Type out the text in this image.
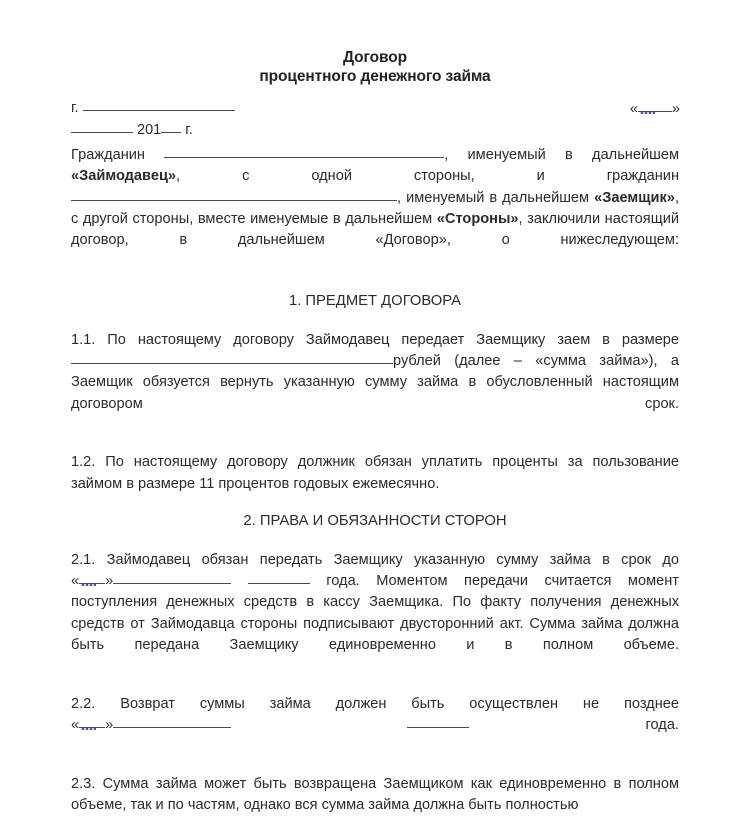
Договор
процентного денежного займа
г.
201 г.
« »

Гражданин	, именуемый в дальнейшем «Займодавец», с одной стороны, и гражданин , именуемый в дальнейшем «Заемщик», с другой стороны, вместе именуемые в дальнейшем «Стороны», заключили настоящий договор, в дальнейшем «Договор», о нижеследующем:

1. ПРЕДМЕТ ДОГОВОРА

1.1. По настоящему договору Займодавец передает Заемщику заем в размере рублей (далее – «сумма займа»), а Заемщик обязуется вернуть указанную сумму займа в обусловленный настоящим договором срок.

1.2. По настоящему договору должник обязан уплатить проценты за пользование займом в размере 11 процентов годовых ежемесячно.

2. ПРАВА И ОБЯЗАННОСТИ СТОРОН

2.1. Займодавец обязан передать Заемщику указанную сумму займа в срок до « »	года. Моментом передачи считается момент поступления денежных средств в кассу Заемщика. По факту получения денежных средств от Займодавца стороны подписывают двусторонний акт. Сумма займа должна быть передана Заемщику единовременно и в полном объеме.

2.2. Возврат суммы займа должен быть осуществлен не позднее « »	года.

2.3. Сумма займа может быть возвращена Заемщиком как единовременно в полном объеме, так и по частям, однако вся сумма займа должна быть полностью
